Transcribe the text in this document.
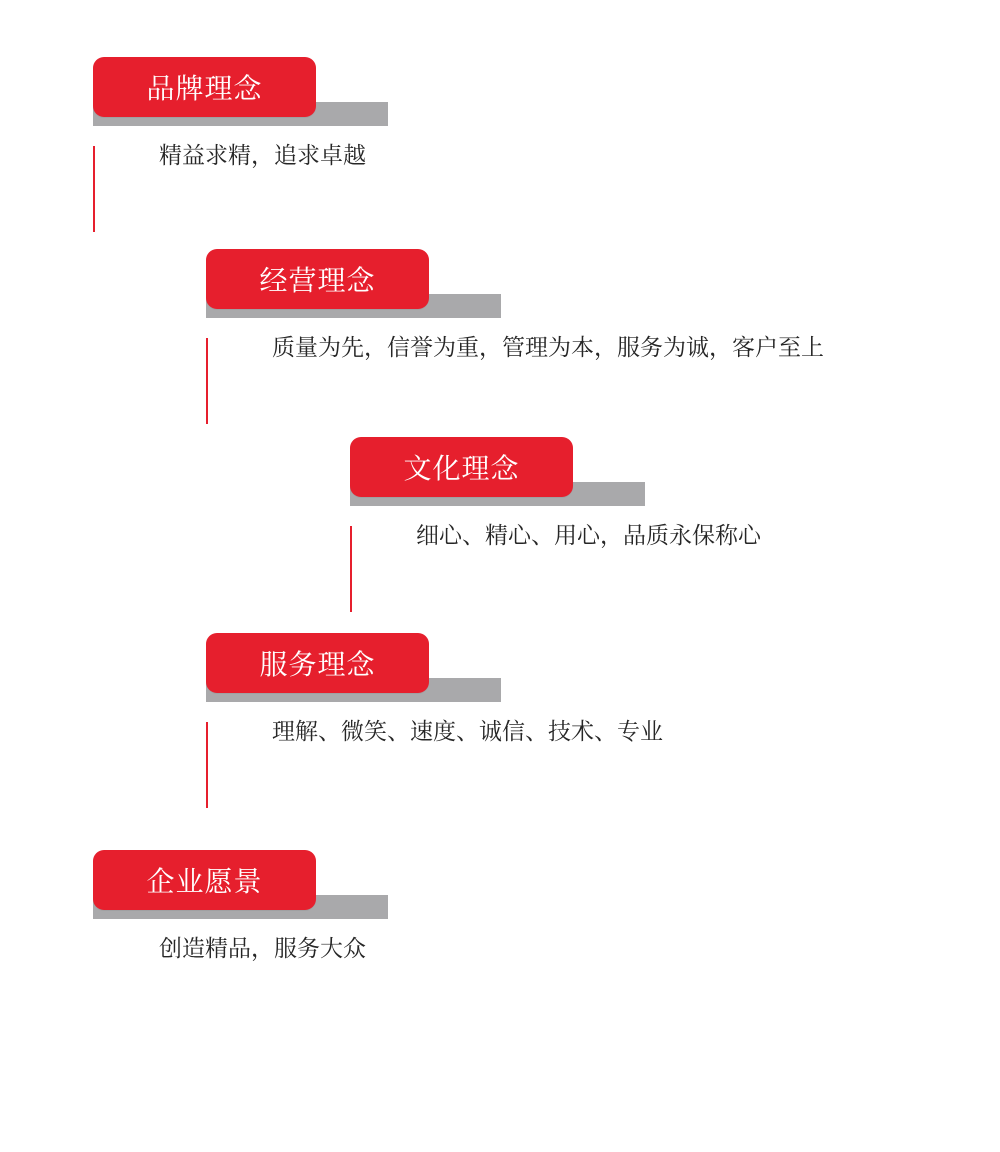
品牌理念
精益求精，追求卓越
经营理念
质量为先，信誉为重，管理为本，服务为诚，客户至上
文化理念
细心、精心、用心，品质永保称心
服务理念
理解、微笑、速度、诚信、技术、专业
企业愿景
创造精品，服务大众
